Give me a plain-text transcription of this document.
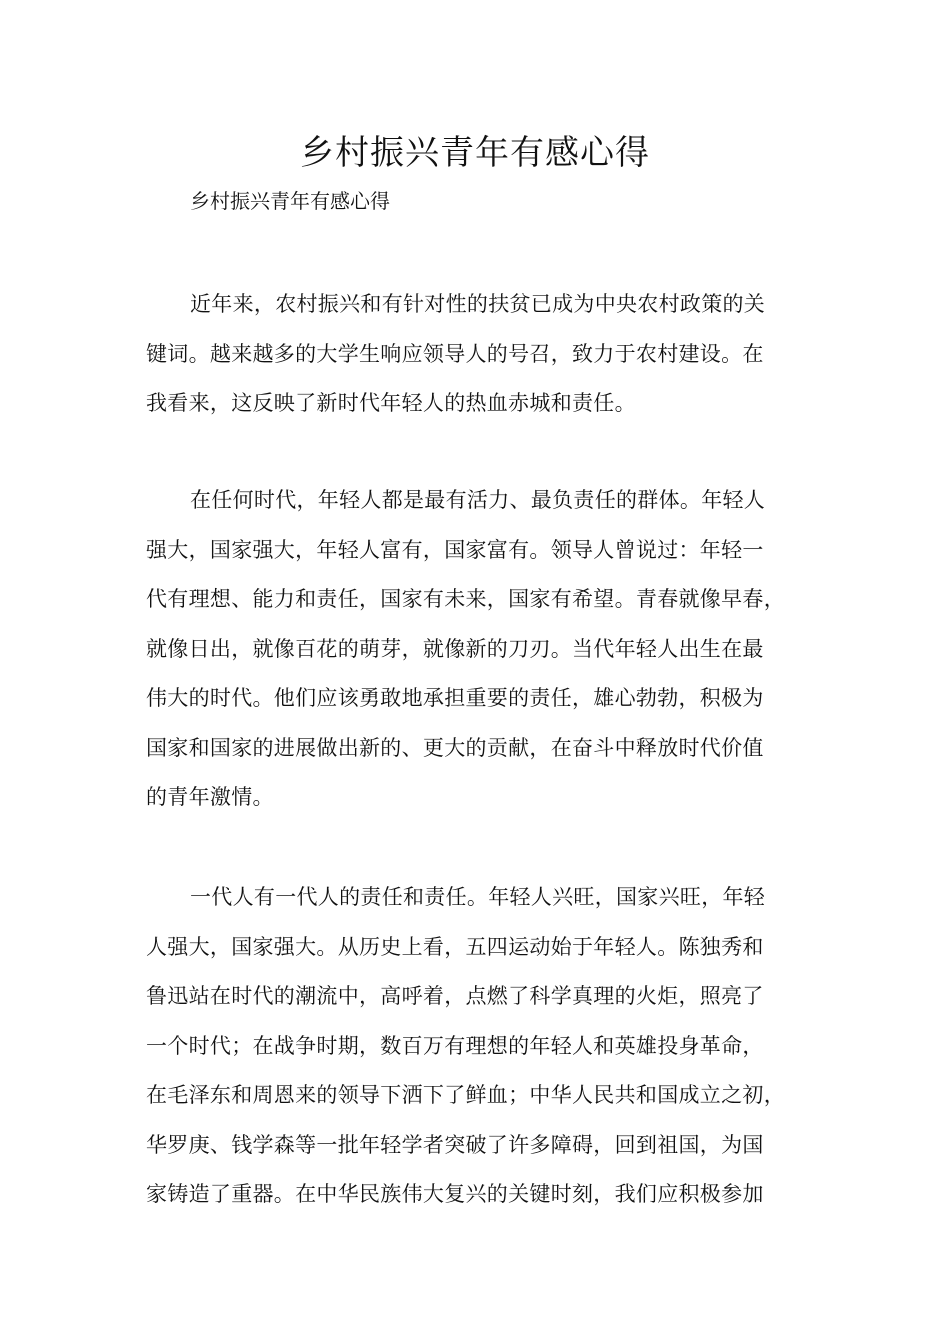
乡村振兴青年有感心得
乡村振兴青年有感心得
近年来，农村振兴和有针对性的扶贫已成为中央农村政策的关
键词。越来越多的大学生响应领导人的号召，致力于农村建设。在
我看来，这反映了新时代年轻人的热血赤城和责任。
在任何时代，年轻人都是最有活力、最负责任的群体。年轻人
强大，国家强大，年轻人富有，国家富有。领导人曾说过：年轻一
代有理想、能力和责任，国家有未来，国家有希望。青春就像早春，
就像日出，就像百花的萌芽，就像新的刀刃。当代年轻人出生在最
伟大的时代。他们应该勇敢地承担重要的责任，雄心勃勃，积极为
国家和国家的进展做出新的、更大的贡献，在奋斗中释放时代价值
的青年激情。
一代人有一代人的责任和责任。年轻人兴旺，国家兴旺，年轻
人强大，国家强大。从历史上看，五四运动始于年轻人。陈独秀和
鲁迅站在时代的潮流中，高呼着，点燃了科学真理的火炬，照亮了
一个时代；在战争时期，数百万有理想的年轻人和英雄投身革命，
在毛泽东和周恩来的领导下洒下了鲜血；中华人民共和国成立之初，
华罗庚、钱学森等一批年轻学者突破了许多障碍，回到祖国，为国
家铸造了重器。在中华民族伟大复兴的关键时刻，我们应积极参加
